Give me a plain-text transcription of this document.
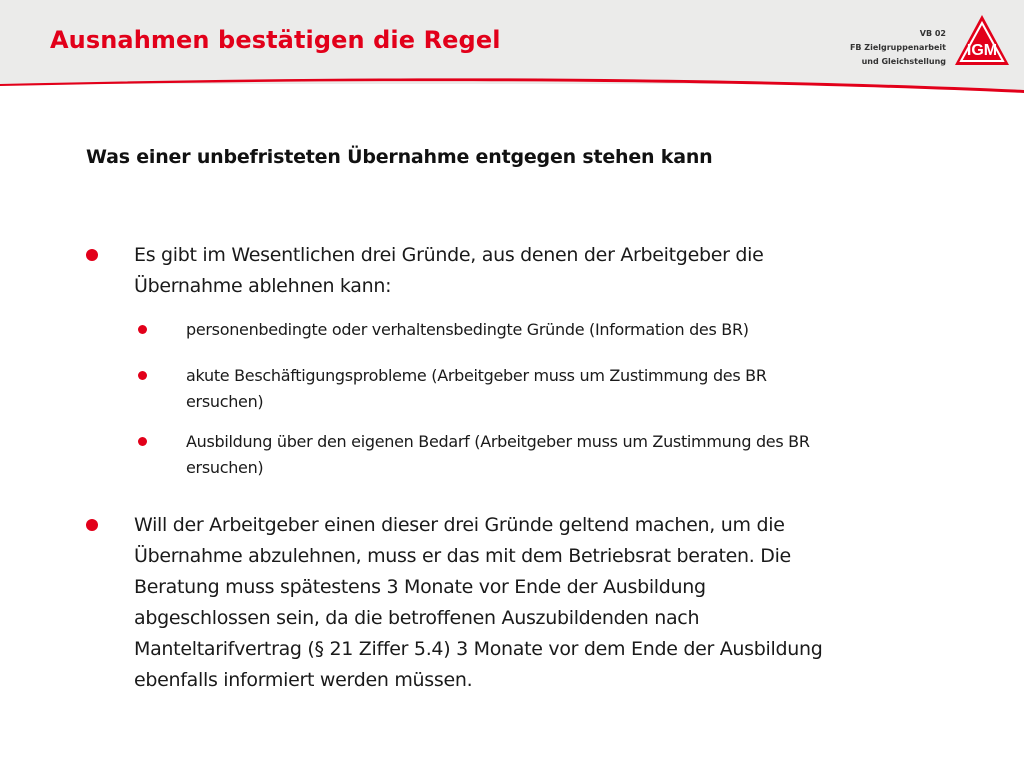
Ausnahmen bestätigen die Regel	VB 02
FB Zielgruppenarbeit
und Gleichstellung
IGM
Was einer unbefristeten Übernahme entgegen stehen kann
Es gibt im Wesentlichen drei Gründe, aus denen der Arbeitgeber die
Übernahme ablehnen kann:
personenbedingte oder verhaltensbedingte Gründe (Information des BR)
akute Beschäftigungsprobleme (Arbeitgeber muss um Zustimmung des BR
ersuchen)
Ausbildung über den eigenen Bedarf (Arbeitgeber muss um Zustimmung des BR
ersuchen)
Will der Arbeitgeber einen dieser drei Gründe geltend machen, um die
Übernahme abzulehnen, muss er das mit dem Betriebsrat beraten. Die
Beratung muss spätestens 3 Monate vor Ende der Ausbildung
abgeschlossen sein, da die betroffenen Auszubildenden nach
Manteltarifvertrag (§ 21 Ziffer 5.4) 3 Monate vor dem Ende der Ausbildung
ebenfalls informiert werden müssen.
